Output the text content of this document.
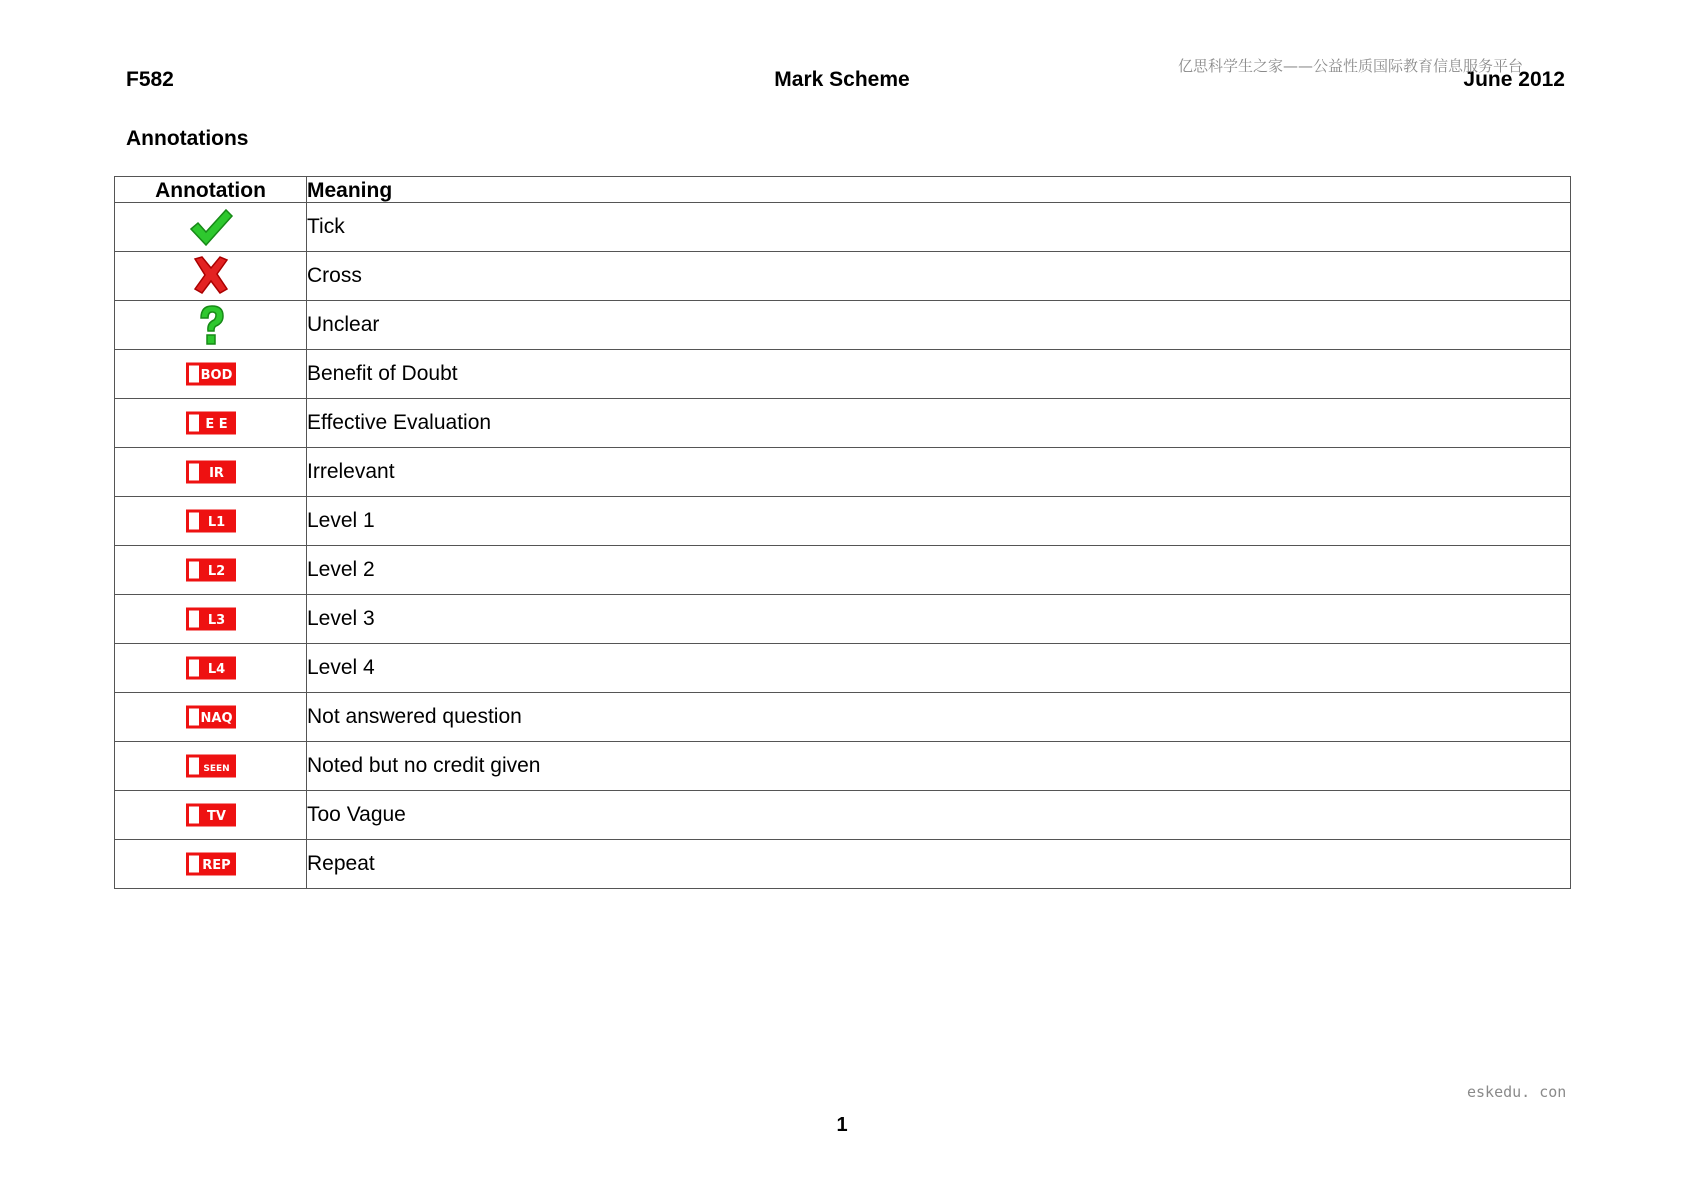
F582	Mark Scheme	June 2012
亿思科学生之家——公益性质国际教育信息服务平台
Annotations
Annotation	Meaning

	Tick

	Cross

	Unclear

BOD	Benefit of Doubt

E E	Effective Evaluation

IR	Irrelevant

L1	Level 1

L2	Level 2

L3	Level 3

L4	Level 4

NAQ	Not answered question

SEEN	Noted but no credit given

TV	Too Vague

REP	Repeat
eskedu. con
1
